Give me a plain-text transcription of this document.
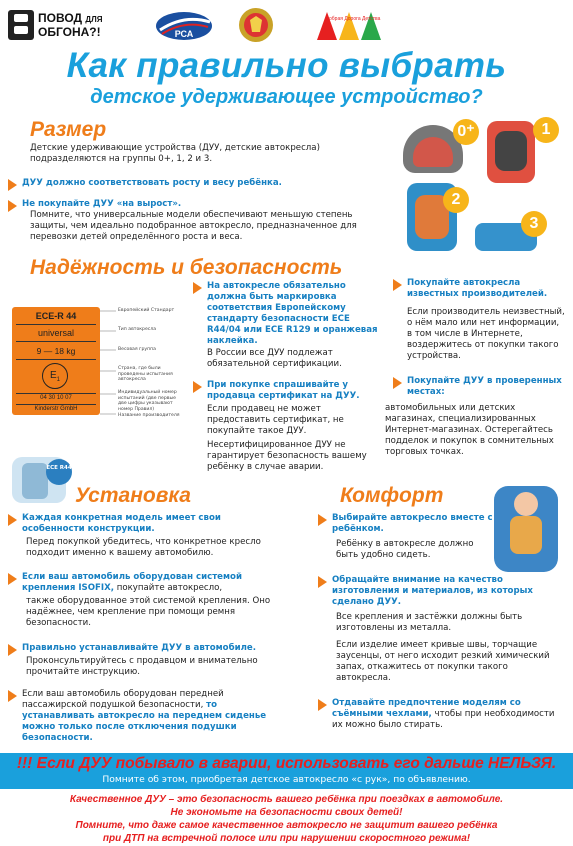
ПОВОД ДЛЯ
ОБГОНА?!	РСА
Добрая Дорога Детства
Как правильно выбрать
детское удерживающее устройство?
Размер
Детские удерживающие устройства (ДУУ, детские автокресла) подразделяются на группы 0+, 1, 2 и 3.
ДУУ должно соответствовать росту и весу ребёнка.
Не покупайте ДУУ «на вырост».
Помните, что универсальные модели обеспечивают меньшую степень защиты, чем идеально подобранное автокресло, предназначенное для перевозки детей определённого роста и веса.
0⁺	1
2
3
Надёжность и безопасность
ECE-R 44
universal
9 — 18 kg
$E_1$
04 30 10 07
Kinderstr GmbH
Европейский Стандарт
Тип автокресла
Весовая группа
Страна, где были проведены испытания автокресла
Индивидуальный номер испытаний (две первые две цифры указывают номер Правил)
Название производителя
На автокресле обязательно должна быть маркировка соответствия Европейскому стандарту безопасности ECE R44/04 или ECE R129 и оранжевая наклейка.
В России все ДУУ подлежат обязательной сертификации.
При покупке спрашивайте у продавца сертификат на ДУУ.
Если продавец не может предоставить сертификат, не покупайте такое ДУУ.
Несертифицированное ДУУ не гарантирует безопасность вашему ребёнку в случае аварии.
Покупайте автокресла известных производителей.
Если производитель неизвестный, о нём мало или нет информации, в том числе в Интернете, воздержитесь от покупки такого устройства.
Покупайте ДУУ в проверенных местах:
автомобильных или детских магазинах, специализированных Интернет-магазинах. Остерегайтесь подделок и покупок в сомнительных торговых точках.
ECE R44
Установка
Каждая конкретная модель имеет свои особенности конструкции.
Перед покупкой убедитесь, что конкретное кресло подходит именно к вашему автомобилю.
Если ваш автомобиль оборудован системой крепления ISOFIX, покупайте автокресло,
также оборудованное этой системой крепления. Оно надёжнее, чем крепление при помощи ремня безопасности.
Правильно устанавливайте ДУУ в автомобиле.
Проконсультируйтесь с продавцом и внимательно прочитайте инструкцию.
Если ваш автомобиль оборудован передней пассажирской подушкой безопасности, то устанавливать автокресло на переднем сиденье можно только после отключения подушки безопасности.
Комфорт
Выбирайте автокресло вместе с ребёнком.
Ребёнку в автокресле должно быть удобно сидеть.
Обращайте внимание на качество изготовления и материалов, из которых сделано ДУУ.
Все крепления и застёжки должны быть изготовлены из металла.
Если изделие имеет кривые швы, торчащие заусенцы, от него исходит резкий химический запах, откажитесь от покупки такого автокресла.
Отдавайте предпочтение моделям со съёмными чехлами, чтобы при необходимости их можно было стирать.
!!! Если ДУУ побывало в аварии, использовать его дальше НЕЛЬЗЯ.
Помните об этом, приобретая детское автокресло «с рук», по объявлению.
Качественное ДУУ – это безопасность вашего ребёнка при поездках в автомобиле.
Не экономьте на безопасности своих детей!
Помните, что даже самое качественное автокресло не защитит вашего ребёнка
при ДТП на встречной полосе или при нарушении скоростного режима!
